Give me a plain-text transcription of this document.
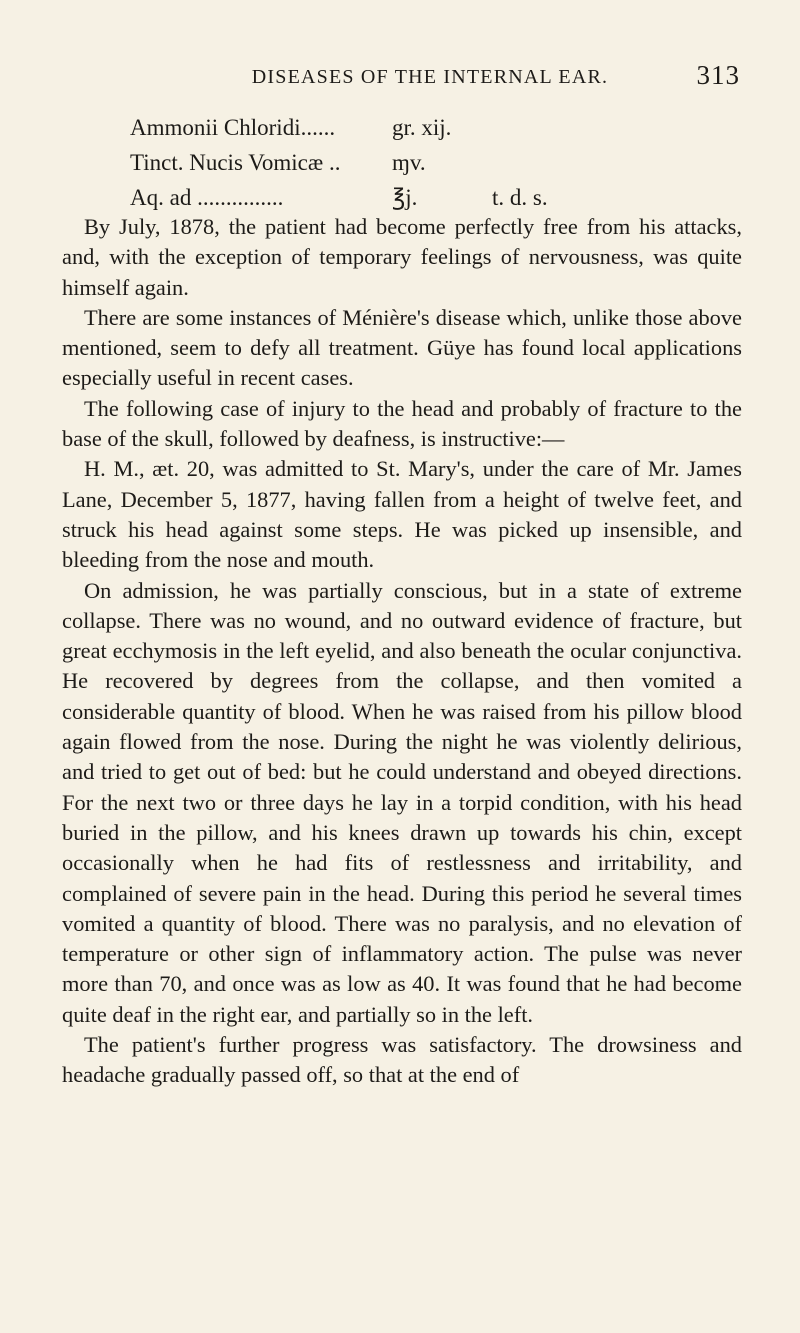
DISEASES OF THE INTERNAL EAR.	313
Ammonii Chloridi...... gr. xij.
Tinct. Nucis Vomicæ .. ɱv.
Aq. ad ...............	℥j.	t. d. s.

By July, 1878, the patient had become perfectly free from his attacks, and, with the exception of temporary feelings of nervousness, was quite himself again.

There are some instances of Ménière's disease which, unlike those above mentioned, seem to defy all treatment. Güye has found local applications especially useful in recent cases.

The following case of injury to the head and probably of fracture to the base of the skull, followed by deafness, is instructive:—

H. M., æt. 20, was admitted to St. Mary's, under the care of Mr. James Lane, December 5, 1877, having fallen from a height of twelve feet, and struck his head against some steps. He was picked up insensible, and bleeding from the nose and mouth.

On admission, he was partially conscious, but in a state of extreme collapse. There was no wound, and no outward evidence of fracture, but great ecchymosis in the left eyelid, and also beneath the ocular conjunctiva. He recovered by degrees from the collapse, and then vomited a considerable quantity of blood. When he was raised from his pillow blood again flowed from the nose. During the night he was violently delirious, and tried to get out of bed: but he could understand and obeyed directions. For the next two or three days he lay in a torpid condition, with his head buried in the pillow, and his knees drawn up towards his chin, except occasionally when he had fits of restlessness and irritability, and complained of severe pain in the head. During this period he several times vomited a quantity of blood. There was no paralysis, and no elevation of temperature or other sign of inflammatory action. The pulse was never more than 70, and once was as low as 40. It was found that he had become quite deaf in the right ear, and partially so in the left.

The patient's further progress was satisfactory. The drowsiness and headache gradually passed off, so that at the end of
